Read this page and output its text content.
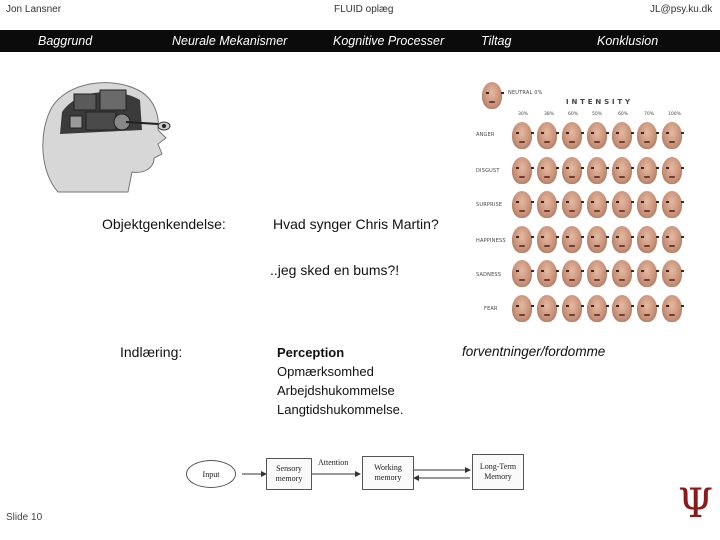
Jon Lansner	FLUID oplæg	JL@psy.ku.dk
Baggrund	Neurale Mekanismer	Kognitive Processer	Tiltag	Konklusion
Objektgenkendelse:	Hvad synger Chris Martin?
..jeg sked en bums?!
Indlæring:	Perception
Opmærksomhed
Arbejdshukommelse
Langtidshukommelse.
forventninger/fordomme
NEUTRAL 0%
I N T E N S I T Y
30%	38%	60%	50%	60%	70%	100%
ANGER
DISGUST
SURPRISE
HAPPINESS
SADNESS
FEAR
Input
Sensory memory
Attention
Working memory
Long-Term Memory
Slide 10	Ψ
